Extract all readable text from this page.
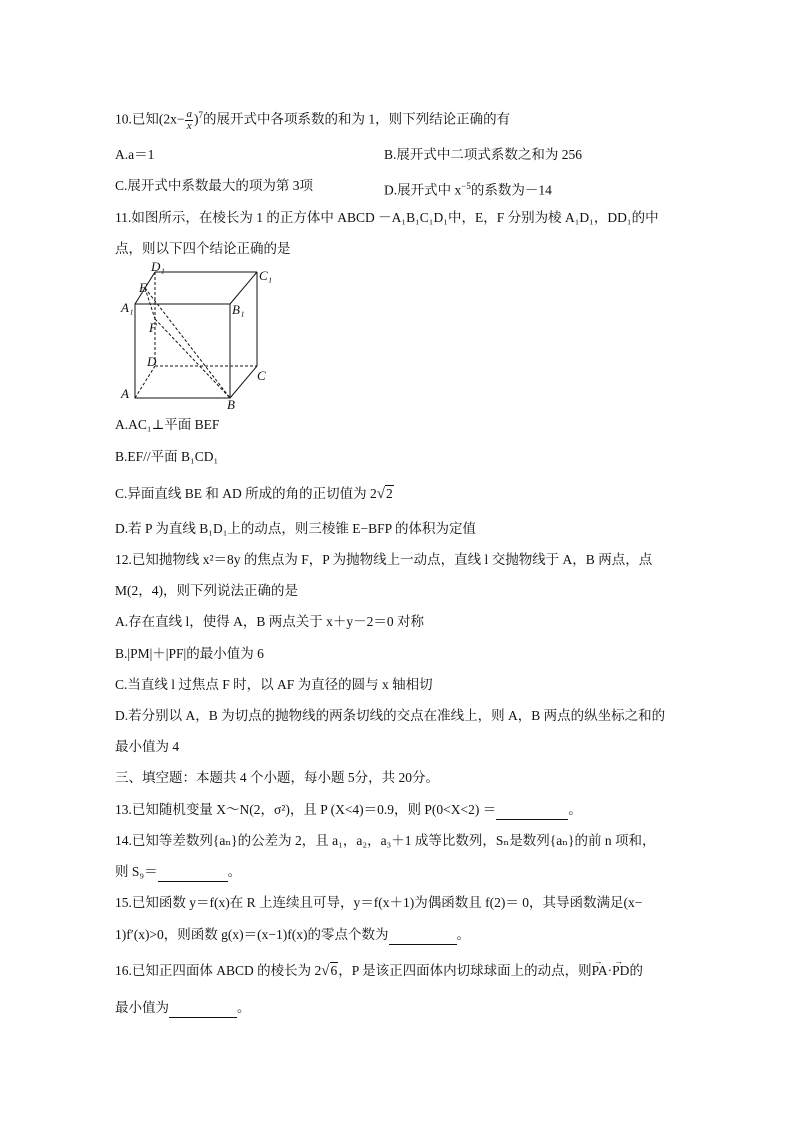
10.已知$(2x- \frac{a}{x} )^7$的展开式中各项系数的和为 1，则下列结论正确的有
A.a＝1	B.展开式中二项式系数之和为 256
C.展开式中系数最大的项为第 3项	D.展开式中 $x^{-5}$的系数为－14
11.如图所示，在棱长为 1 的正方体中 ABCD －A₁B₁C₁D₁中，E，F 分别为棱 A₁D₁，DD₁的中
点，则以下四个结论正确的是
D₁
C₁
E
A₁	B₁
F
D
C
A
B
A.AC₁⊥平面 BEF
B.EF//平面 B₁CD₁
C.异面直线 BE 和 AD 所成的角的正切值为 2√2
D.若 P 为直线 B₁D₁上的动点，则三棱锥 E−BFP 的体积为定值
12.已知抛物线 x²＝8y 的焦点为 F，P 为抛物线上一动点，直线 l 交抛物线于 A，B 两点，点
M(2，4)，则下列说法正确的是
A.存在直线 l，使得 A，B 两点关于 x＋y－2＝0 对称
B.|PM|＋|PF|的最小值为 6
C.当直线 l 过焦点 F 时，以 AF 为直径的圆与 x 轴相切
D.若分别以 A，B 为切点的抛物线的两条切线的交点在准线上，则 A，B 两点的纵坐标之和的
最小值为 4
三、填空题：本题共 4 个小题，每小题 5分，共 20分。
13.已知随机变量 X～N(2，σ²)，且 P (X<4)＝0.9，则 P(0<X<2) ＝	。
14.已知等差数列{aₙ}的公差为 2，且 a₁，a₂，a₃＋1 成等比数列，Sₙ是数列{aₙ}的前 n 项和，
则 S₉＝	。
15.已知函数 y＝f(x)在 R 上连续且可导，y＝f(x＋1)为偶函数且 f(2)＝ 0，其导函数满足(x−
1)f′(x)>0，则函数 g(x)＝(x−1)f(x)的零点个数为	。
16.已知正四面体 ABCD 的棱长为 2√6，P 是该正四面体内切球球面上的动点，则→ PA·→ PD的
最小值为	。
